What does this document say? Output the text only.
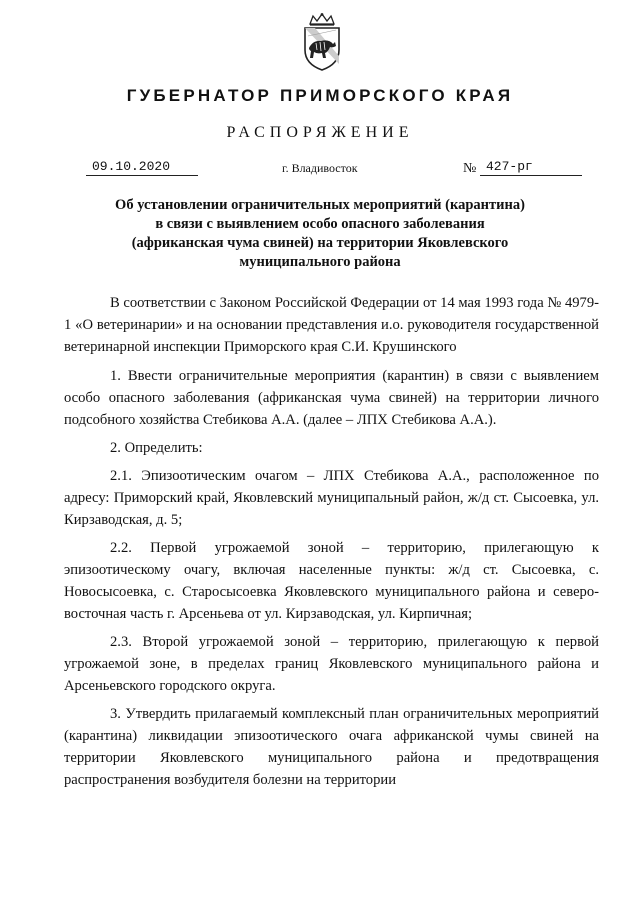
ГУБЕРНАТОР ПРИМОРСКОГО КРАЯ
РАСПОРЯЖЕНИЕ
09.10.2020	г. Владивосток	№ 427-рг
Об установлении ограничительных мероприятий (карантина) в связи с выявлением особо опасного заболевания (африканская чума свиней) на территории Яковлевского муниципального района

В соответствии с Законом Российской Федерации от 14 мая 1993 года № 4979-1 «О ветеринарии» и на основании представления и.о. руководителя государственной ветеринарной инспекции Приморского края С.И. Крушинского

1. Ввести ограничительные мероприятия (карантин) в связи с выявлением особо опасного заболевания (африканская чума свиней) на территории личного подсобного хозяйства Стебикова А.А. (далее – ЛПХ Стебикова А.А.).

2. Определить:

2.1. Эпизоотическим очагом – ЛПХ Стебикова А.А., расположенное по адресу: Приморский край, Яковлевский муниципальный район, ж/д ст. Сысоевка, ул. Кирзаводская, д. 5;

2.2. Первой угрожаемой зоной – территорию, прилегающую к эпизоотическому очагу, включая населенные пункты: ж/д ст. Сысоевка, с. Новосысоевка, с. Старосысоевка Яковлевского муниципального района и северо-восточная часть г. Арсеньева от ул. Кирзаводская, ул. Кирпичная;

2.3. Второй угрожаемой зоной – территорию, прилегающую к первой угрожаемой зоне, в пределах границ Яковлевского муниципального района и Арсеньевского городского округа.

3. Утвердить прилагаемый комплексный план ограничительных мероприятий (карантина) ликвидации эпизоотического очага африканской чумы свиней на территории Яковлевского муниципального района и предотвращения распространения возбудителя болезни на территории
